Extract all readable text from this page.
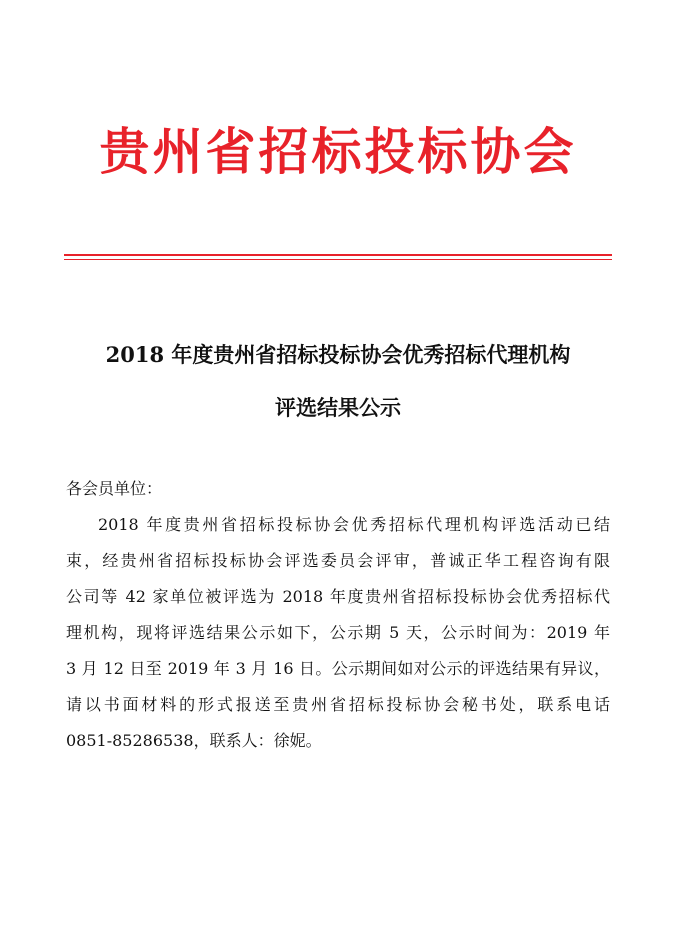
贵州省招标投标协会
2018 年度贵州省招标投标协会优秀招标代理机构
评选结果公示
各会员单位：
2018 年度贵州省招标投标协会优秀招标代理机构评选活动已结
束，经贵州省招标投标协会评选委员会评审，普诚正华工程咨询有限
公司等 42 家单位被评选为 2018 年度贵州省招标投标协会优秀招标代
理机构，现将评选结果公示如下，公示期 5 天，公示时间为：2019 年
3 月 12 日至 2019 年 3 月 16 日。公示期间如对公示的评选结果有异议，
请以书面材料的形式报送至贵州省招标投标协会秘书处，联系电话
0851-85286538，联系人：徐妮。
